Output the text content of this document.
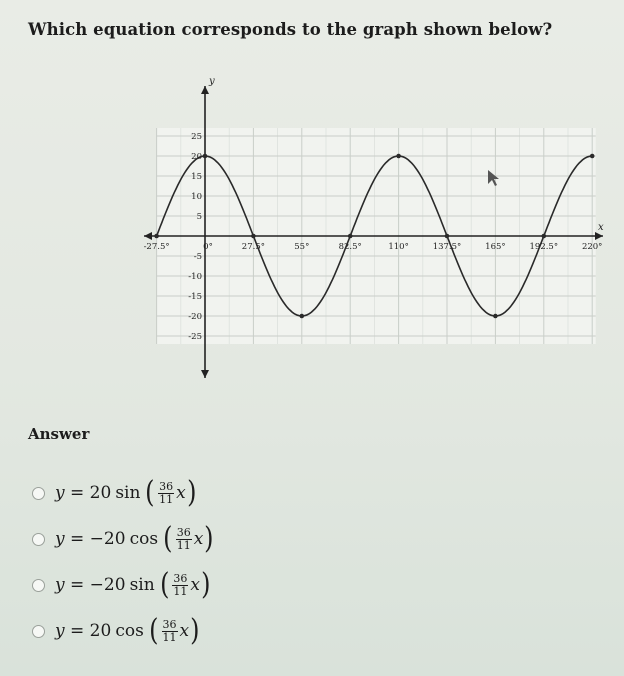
Which equation corresponds to the graph shown below?
x
y
-27.5°	0°	27.5°	55°	82.5°	110°	137.5°	165°	192.5°	220°
25
20
15
10
5
-5
-10
-15
-20
-25
Answer
y = 20 sin ( $\frac{36}{11}$ x )
y = − 20 cos ( $\frac{36}{11}$ x )
y = − 20 sin ( $\frac{36}{11}$ x )
y = 20 cos ( $\frac{36}{11}$ x )
